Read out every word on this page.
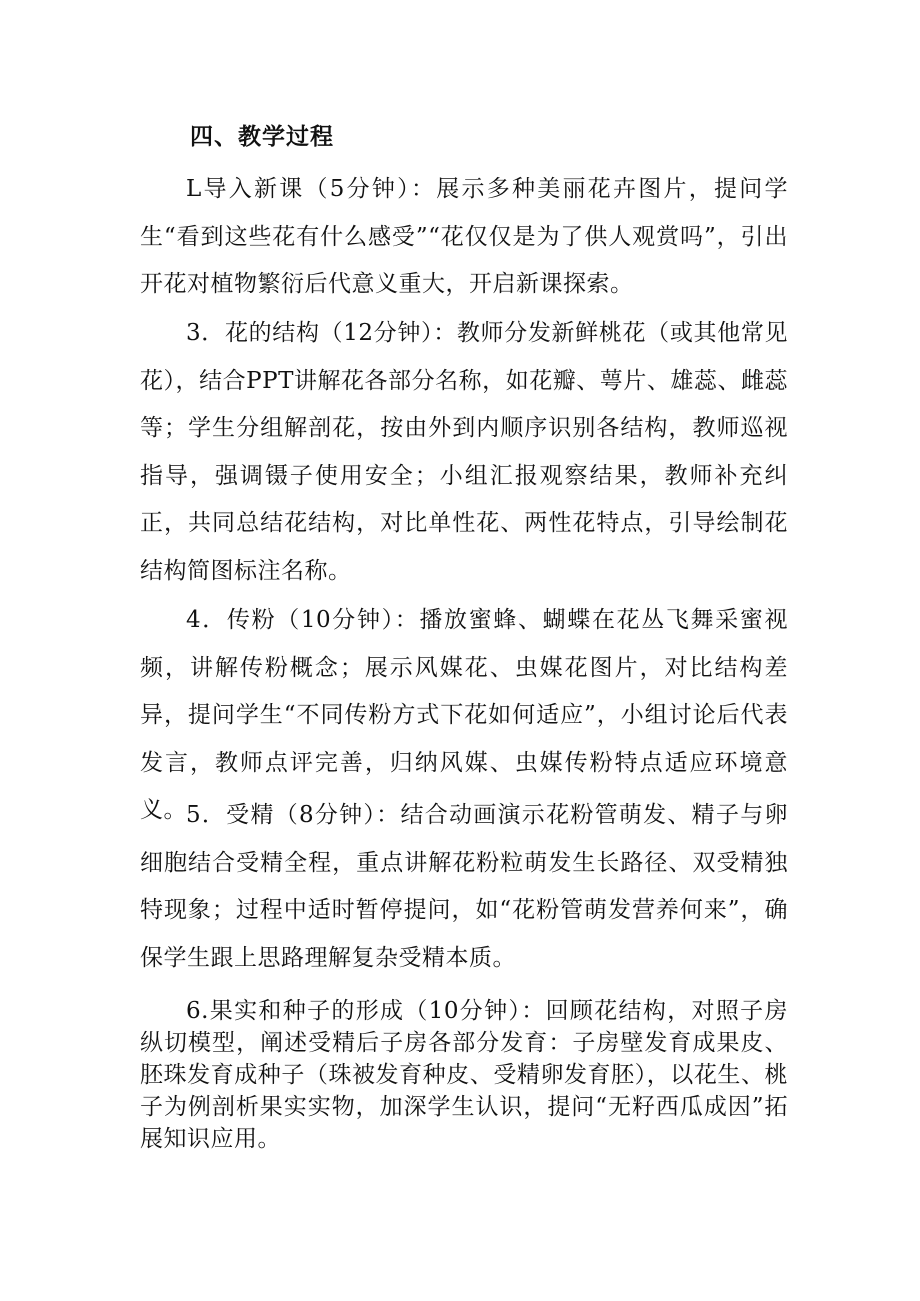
四、教学过程

L导入新课（5分钟）：展示多种美丽花卉图片，提问学生“看到这些花有什么感受”“花仅仅是为了供人观赏吗”，引出开花对植物繁衍后代意义重大，开启新课探索。

3．花的结构（12分钟）：教师分发新鲜桃花（或其他常见花），结合PPT讲解花各部分名称，如花瓣、萼片、雄蕊、雌蕊等；学生分组解剖花，按由外到内顺序识别各结构，教师巡视指导，强调镊子使用安全；小组汇报观察结果，教师补充纠正，共同总结花结构，对比单性花、两性花特点，引导绘制花结构简图标注名称。

4．传粉（10分钟）：播放蜜蜂、蝴蝶在花丛飞舞采蜜视频，讲解传粉概念；展示风媒花、虫媒花图片，对比结构差异，提问学生“不同传粉方式下花如何适应”，小组讨论后代表发言，教师点评完善，归纳风媒、虫媒传粉特点适应环境意义。 5．受精（8分钟）：结合动画演示花粉管萌发、精子与卵细胞结合受精全程，重点讲解花粉粒萌发生长路径、双受精独特现象；过程中适时暂停提问，如“花粉管萌发营养何来”，确保学生跟上思路理解复杂受精本质。

6.果实和种子的形成（10分钟）：回顾花结构，对照子房纵切模型，阐述受精后子房各部分发育：子房壁发育成果皮、胚珠发育成种子（珠被发育种皮、受精卵发育胚），以花生、桃子为例剖析果实实物，加深学生认识，提问“无籽西瓜成因”拓展知识应用。
